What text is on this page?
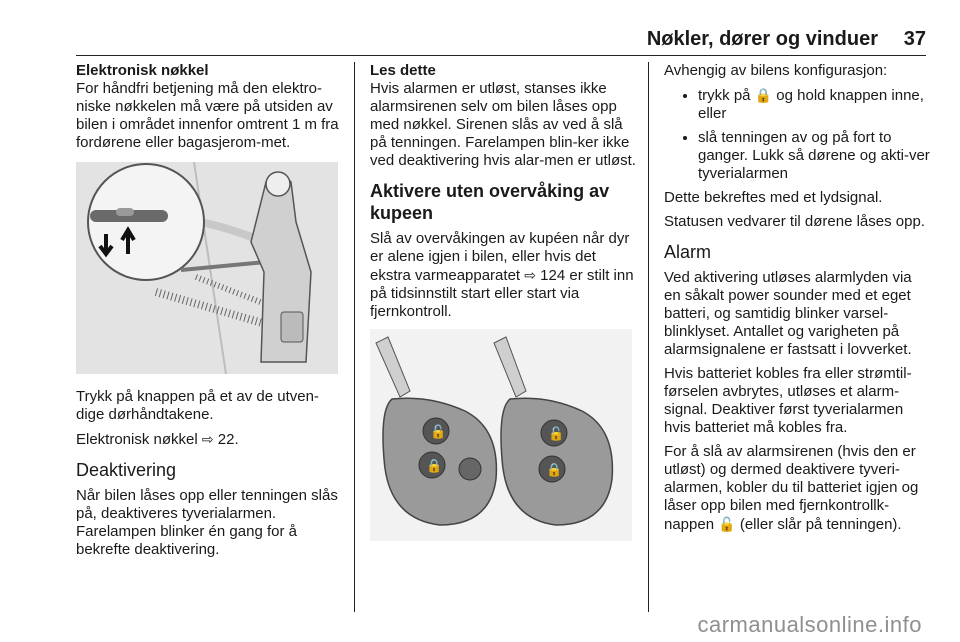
Nøkler, dører og vinduer 37
Elektronisk nøkkel

For håndfri betjening må den elektro-niske nøkkelen må være på utsiden av bilen i området innenfor omtrent 1 m fra fordørene eller bagasjerom-met.

Trykk på knappen på et av de utven-dige dørhåndtakene.

Elektronisk nøkkel ⇨ 22.

Deaktivering

Når bilen låses opp eller tenningen slås på, deaktiveres tyverialarmen. Farelampen blinker én gang for å bekrefte deaktivering.

Les dette

Hvis alarmen er utløst, stanses ikke alarmsirenen selv om bilen låses opp med nøkkel. Sirenen slås av ved å slå på tenningen. Farelampen blin-ker ikke ved deaktivering hvis alar-men er utløst.

Aktivere uten overvåking av kupeen

Slå av overvåkingen av kupéen når dyr er alene igjen i bilen, eller hvis det ekstra varmeapparatet ⇨ 124 er stilt inn på tidsinnstilt start eller start via fjernkontroll.

🔓
🔒
🔓
🔒

Avhengig av bilens konfigurasjon:

• trykk på 🔒 og hold knappen inne, eller
• slå tenningen av og på fort to ganger. Lukk så dørene og akti-ver tyverialarmen

Dette bekreftes med et lydsignal.

Statusen vedvarer til dørene låses opp.

Alarm

Ved aktivering utløses alarmlyden via en såkalt power sounder med et eget batteri, og samtidig blinker varsel-blinklyset. Antallet og varigheten på alarmsignalene er fastsatt i lovverket.

Hvis batteriet kobles fra eller strømtil-førselen avbrytes, utløses et alarm-signal. Deaktiver først tyverialarmen hvis batteriet må kobles fra.

For å slå av alarmsirenen (hvis den er utløst) og dermed deaktivere tyveri-alarmen, kobler du til batteriet igjen og låser opp bilen med fjernkontrollk-nappen 🔓 (eller slår på tenningen).

carmanualsonline.info
